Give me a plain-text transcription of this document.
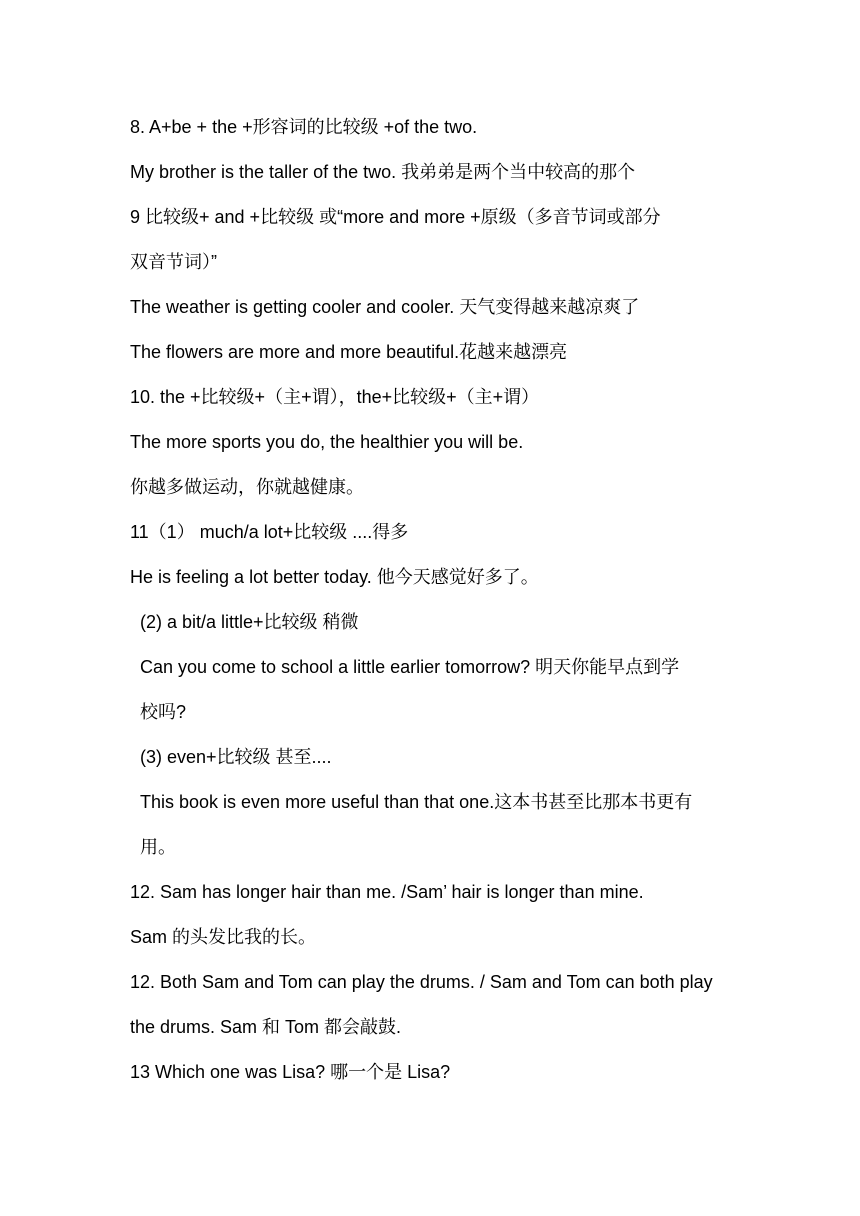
8. A+be + the +形容词的比较级 +of the two.
My brother is the taller of the two. 我弟弟是两个当中较高的那个
9 比较级+ and +比较级 或“more and more +原级（多音节词或部分
双音节词）”
The weather is getting cooler and cooler. 天气变得越来越凉爽了
The flowers are more and more beautiful.花越来越漂亮
10. the +比较级+（主+谓），the+比较级+（主+谓）
The more sports you do, the healthier you will be.
你越多做运动，你就越健康。
11（1） much/a lot+比较级 ....得多
He is feeling a lot better today. 他今天感觉好多了。
(2) a bit/a little+比较级 稍微
Can you come to school a little earlier tomorrow? 明天你能早点到学
校吗?
(3) even+比较级 甚至....
This book is even more useful than that one.这本书甚至比那本书更有
用。
12. Sam has longer hair than me. /Sam’ hair is longer than mine.
Sam 的头发比我的长。
12. Both Sam and Tom can play the drums. / Sam and Tom can both play
the drums. Sam 和 Tom 都会敲鼓.
13 Which one was Lisa? 哪一个是 Lisa?
